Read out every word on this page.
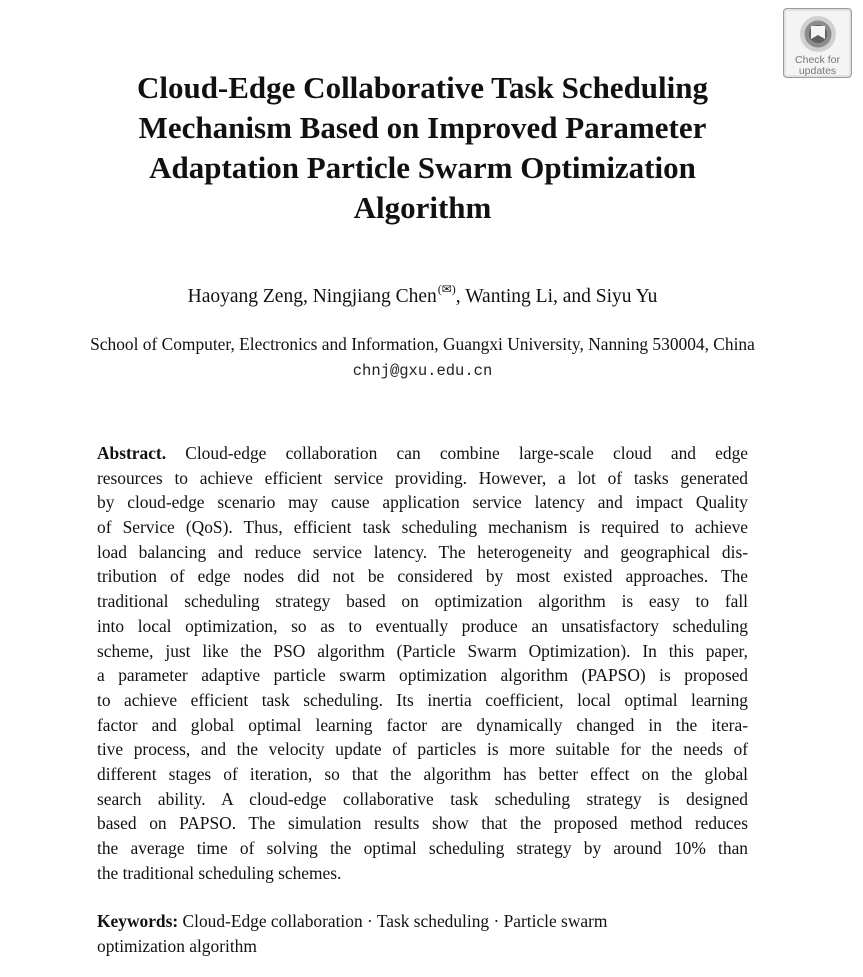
Check for
updates
Cloud-Edge Collaborative Task Scheduling
Mechanism Based on Improved Parameter
Adaptation Particle Swarm Optimization
Algorithm
Haoyang Zeng, Ningjiang Chen(✉), Wanting Li, and Siyu Yu
School of Computer, Electronics and Information, Guangxi University, Nanning 530004, China
chnj@gxu.edu.cn
Abstract. Cloud-edge collaboration can combine large-scale cloud and edge
resources to achieve efficient service providing. However, a lot of tasks generated
by cloud-edge scenario may cause application service latency and impact Quality
of Service (QoS). Thus, efficient task scheduling mechanism is required to achieve
load balancing and reduce service latency. The heterogeneity and geographical dis-
tribution of edge nodes did not be considered by most existed approaches. The
traditional scheduling strategy based on optimization algorithm is easy to fall
into local optimization, so as to eventually produce an unsatisfactory scheduling
scheme, just like the PSO algorithm (Particle Swarm Optimization). In this paper,
a parameter adaptive particle swarm optimization algorithm (PAPSO) is proposed
to achieve efficient task scheduling. Its inertia coefficient, local optimal learning
factor and global optimal learning factor are dynamically changed in the itera-
tive process, and the velocity update of particles is more suitable for the needs of
different stages of iteration, so that the algorithm has better effect on the global
search ability. A cloud-edge collaborative task scheduling strategy is designed
based on PAPSO. The simulation results show that the proposed method reduces
the average time of solving the optimal scheduling strategy by around 10% than
the traditional scheduling schemes.
Keywords: Cloud-Edge collaboration · Task scheduling · Particle swarm
optimization algorithm
